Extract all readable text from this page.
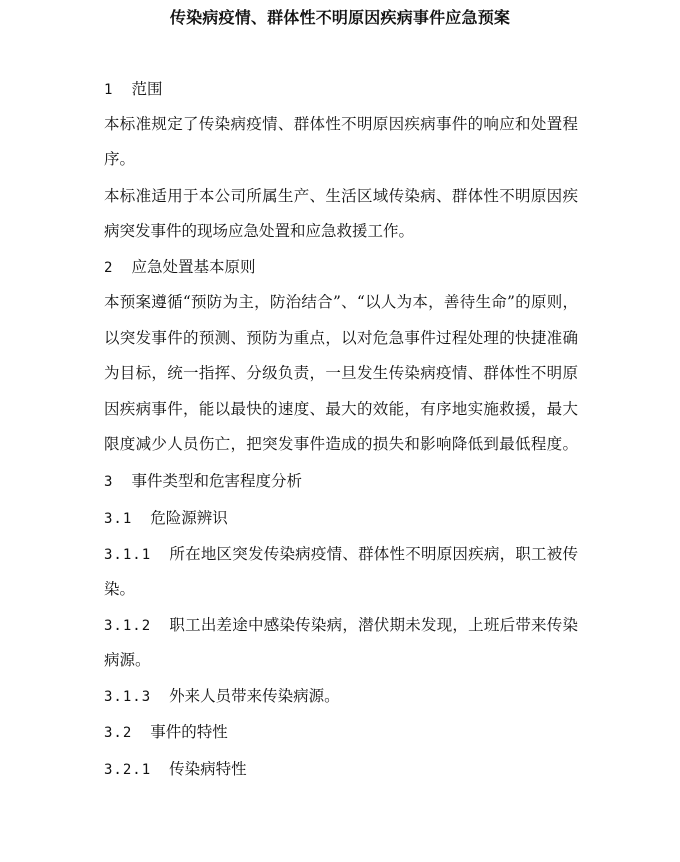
传染病疫情、群体性不明原因疾病事件应急预案
1 范围
本标准规定了传染病疫情、群体性不明原因疾病事件的响应和处置程
序。
本标准适用于本公司所属生产、生活区域传染病、群体性不明原因疾
病突发事件的现场应急处置和应急救援工作。
2 应急处置基本原则
本预案遵循“预防为主，防治结合”、“以人为本，善待生命”的原则，
以突发事件的预测、预防为重点，以对危急事件过程处理的快捷准确
为目标，统一指挥、分级负责，一旦发生传染病疫情、群体性不明原
因疾病事件，能以最快的速度、最大的效能，有序地实施救援，最大
限度减少人员伤亡，把突发事件造成的损失和影响降低到最低程度。
3 事件类型和危害程度分析
3.1 危险源辨识
3.1.1 所在地区突发传染病疫情、群体性不明原因疾病，职工被传
染。
3.1.2 职工出差途中感染传染病，潜伏期未发现，上班后带来传染
病源。
3.1.3 外来人员带来传染病源。
3.2 事件的特性
3.2.1 传染病特性
